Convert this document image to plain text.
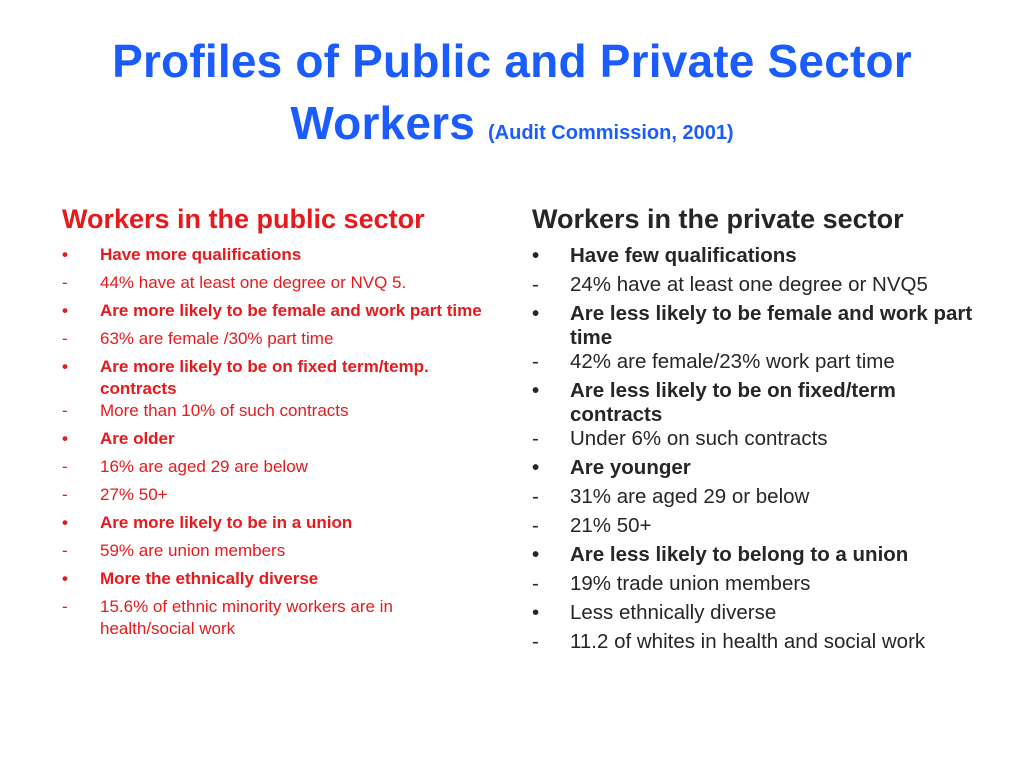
Profiles of Public and Private Sector
Workers (Audit Commission, 2001)
Workers in the public sector
•	Have more qualifications
-	44% have at least one degree or NVQ 5.
•	Are more likely to be female and work part time
-	63% are female /30% part time
•	Are more likely to be on fixed term/temp. contracts
-	More than 10% of such contracts
•	Are older
-	16% are aged 29 are below
-	27% 50+
•	Are more likely to be in a union
-	59% are union members
•	More the ethnically diverse
-	15.6% of ethnic minority workers are in health/social work
Workers in the private sector
•	Have few qualifications
-	24% have at least one degree or NVQ5
•	Are less likely to be female and work part time
-	42% are female/23% work part time
•	Are less likely to be on fixed/term contracts
-	Under 6% on such contracts
•	Are younger
-	31% are aged 29 or below
-	21% 50+
•	Are less likely to belong to a union
-	19% trade union members
•	Less ethnically diverse
-	11.2 of whites in health and social work
